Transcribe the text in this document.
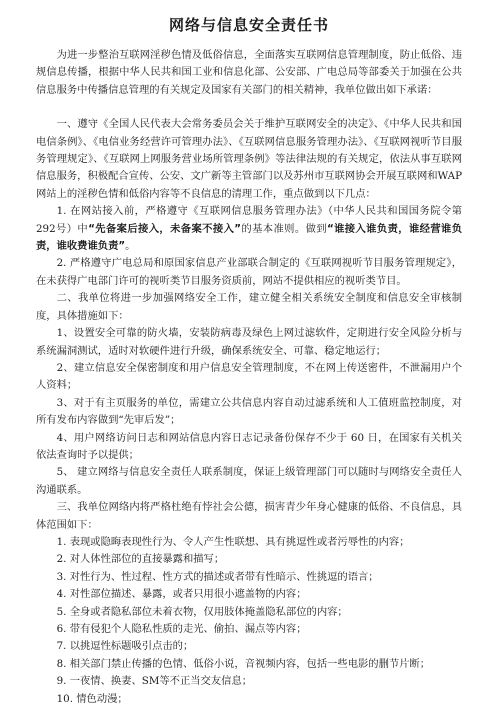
网络与信息安全责任书

为进一步整治互联网淫秽色情及低俗信息，全面落实互联网信息管理制度，防止低俗、违规信息传播，根据中华人民共和国工业和信息化部、公安部、广电总局等部委关于加强在公共信息服务中传播信息管理的有关规定及国家有关部门的相关精神，我单位做出如下承诺：

一、遵守《全国人民代表大会常务委员会关于维护互联网安全的决定》、《中华人民共和国电信条例》、《电信业务经营许可管理办法》、《互联网信息服务管理办法》、《互联网视听节目服务管理规定》、《互联网上网服务营业场所管理条例》等法律法规的有关规定，依法从事互联网信息服务，积极配合宣传、公安、文广新等主管部门以及苏州市互联网协会开展互联网和WAP网站上的淫秽色情和低俗内容等不良信息的清理工作，重点做到以下几点：

1. 在网站接入前，严格遵守《互联网信息服务管理办法》（中华人民共和国国务院令第292号）中“先备案后接入，未备案不接入”的基本准则。做到“谁接入谁负责，谁经营谁负责，谁收费谁负责”。

2. 严格遵守广电总局和原国家信息产业部联合制定的《互联网视听节目服务管理规定》，在未获得广电部门许可的视听类节目服务资质前，网站不提供相应的视听类节目。

二、我单位将进一步加强网络安全工作，建立健全相关系统安全制度和信息安全审核制度，具体措施如下：

1、设置安全可靠的防火墙，安装防病毒及绿色上网过滤软件，定期进行安全风险分析与系统漏洞测试，适时对软硬件进行升级，确保系统安全、可靠、稳定地运行；

2、建立信息安全保密制度和用户信息安全管理制度，不在网上传送密件，不泄漏用户个人资料；

3、对于有主页服务的单位，需建立公共信息内容自动过滤系统和人工值班监控制度，对所有发布内容做到“先审后发”；

4、用户网络访问日志和网站信息内容日志记录备份保存不少于 60 日，在国家有关机关依法查询时予以提供；

5、 建立网络与信息安全责任人联系制度，保证上级管理部门可以随时与网络安全责任人沟通联系。

三、我单位网络内将严格杜绝有悖社会公德，损害青少年身心健康的低俗、不良信息，具体范围如下：

1. 表现或隐晦表现性行为、令人产生性联想、具有挑逗性或者污辱性的内容；

2. 对人体性部位的直接暴露和描写；

3. 对性行为、性过程、性方式的描述或者带有性暗示、性挑逗的语言；

4. 对性部位描述、暴露，或者只用很小遮盖物的内容；

5. 全身或者隐私部位未着衣物，仅用肢体掩盖隐私部位的内容；

6. 带有侵犯个人隐私性质的走光、偷拍、漏点等内容；

7. 以挑逗性标题吸引点击的；

8. 相关部门禁止传播的色情、低俗小说，音视频内容，包括一些电影的删节片断；

9. 一夜情、换妻、SM等不正当交友信息；

10. 情色动漫；
